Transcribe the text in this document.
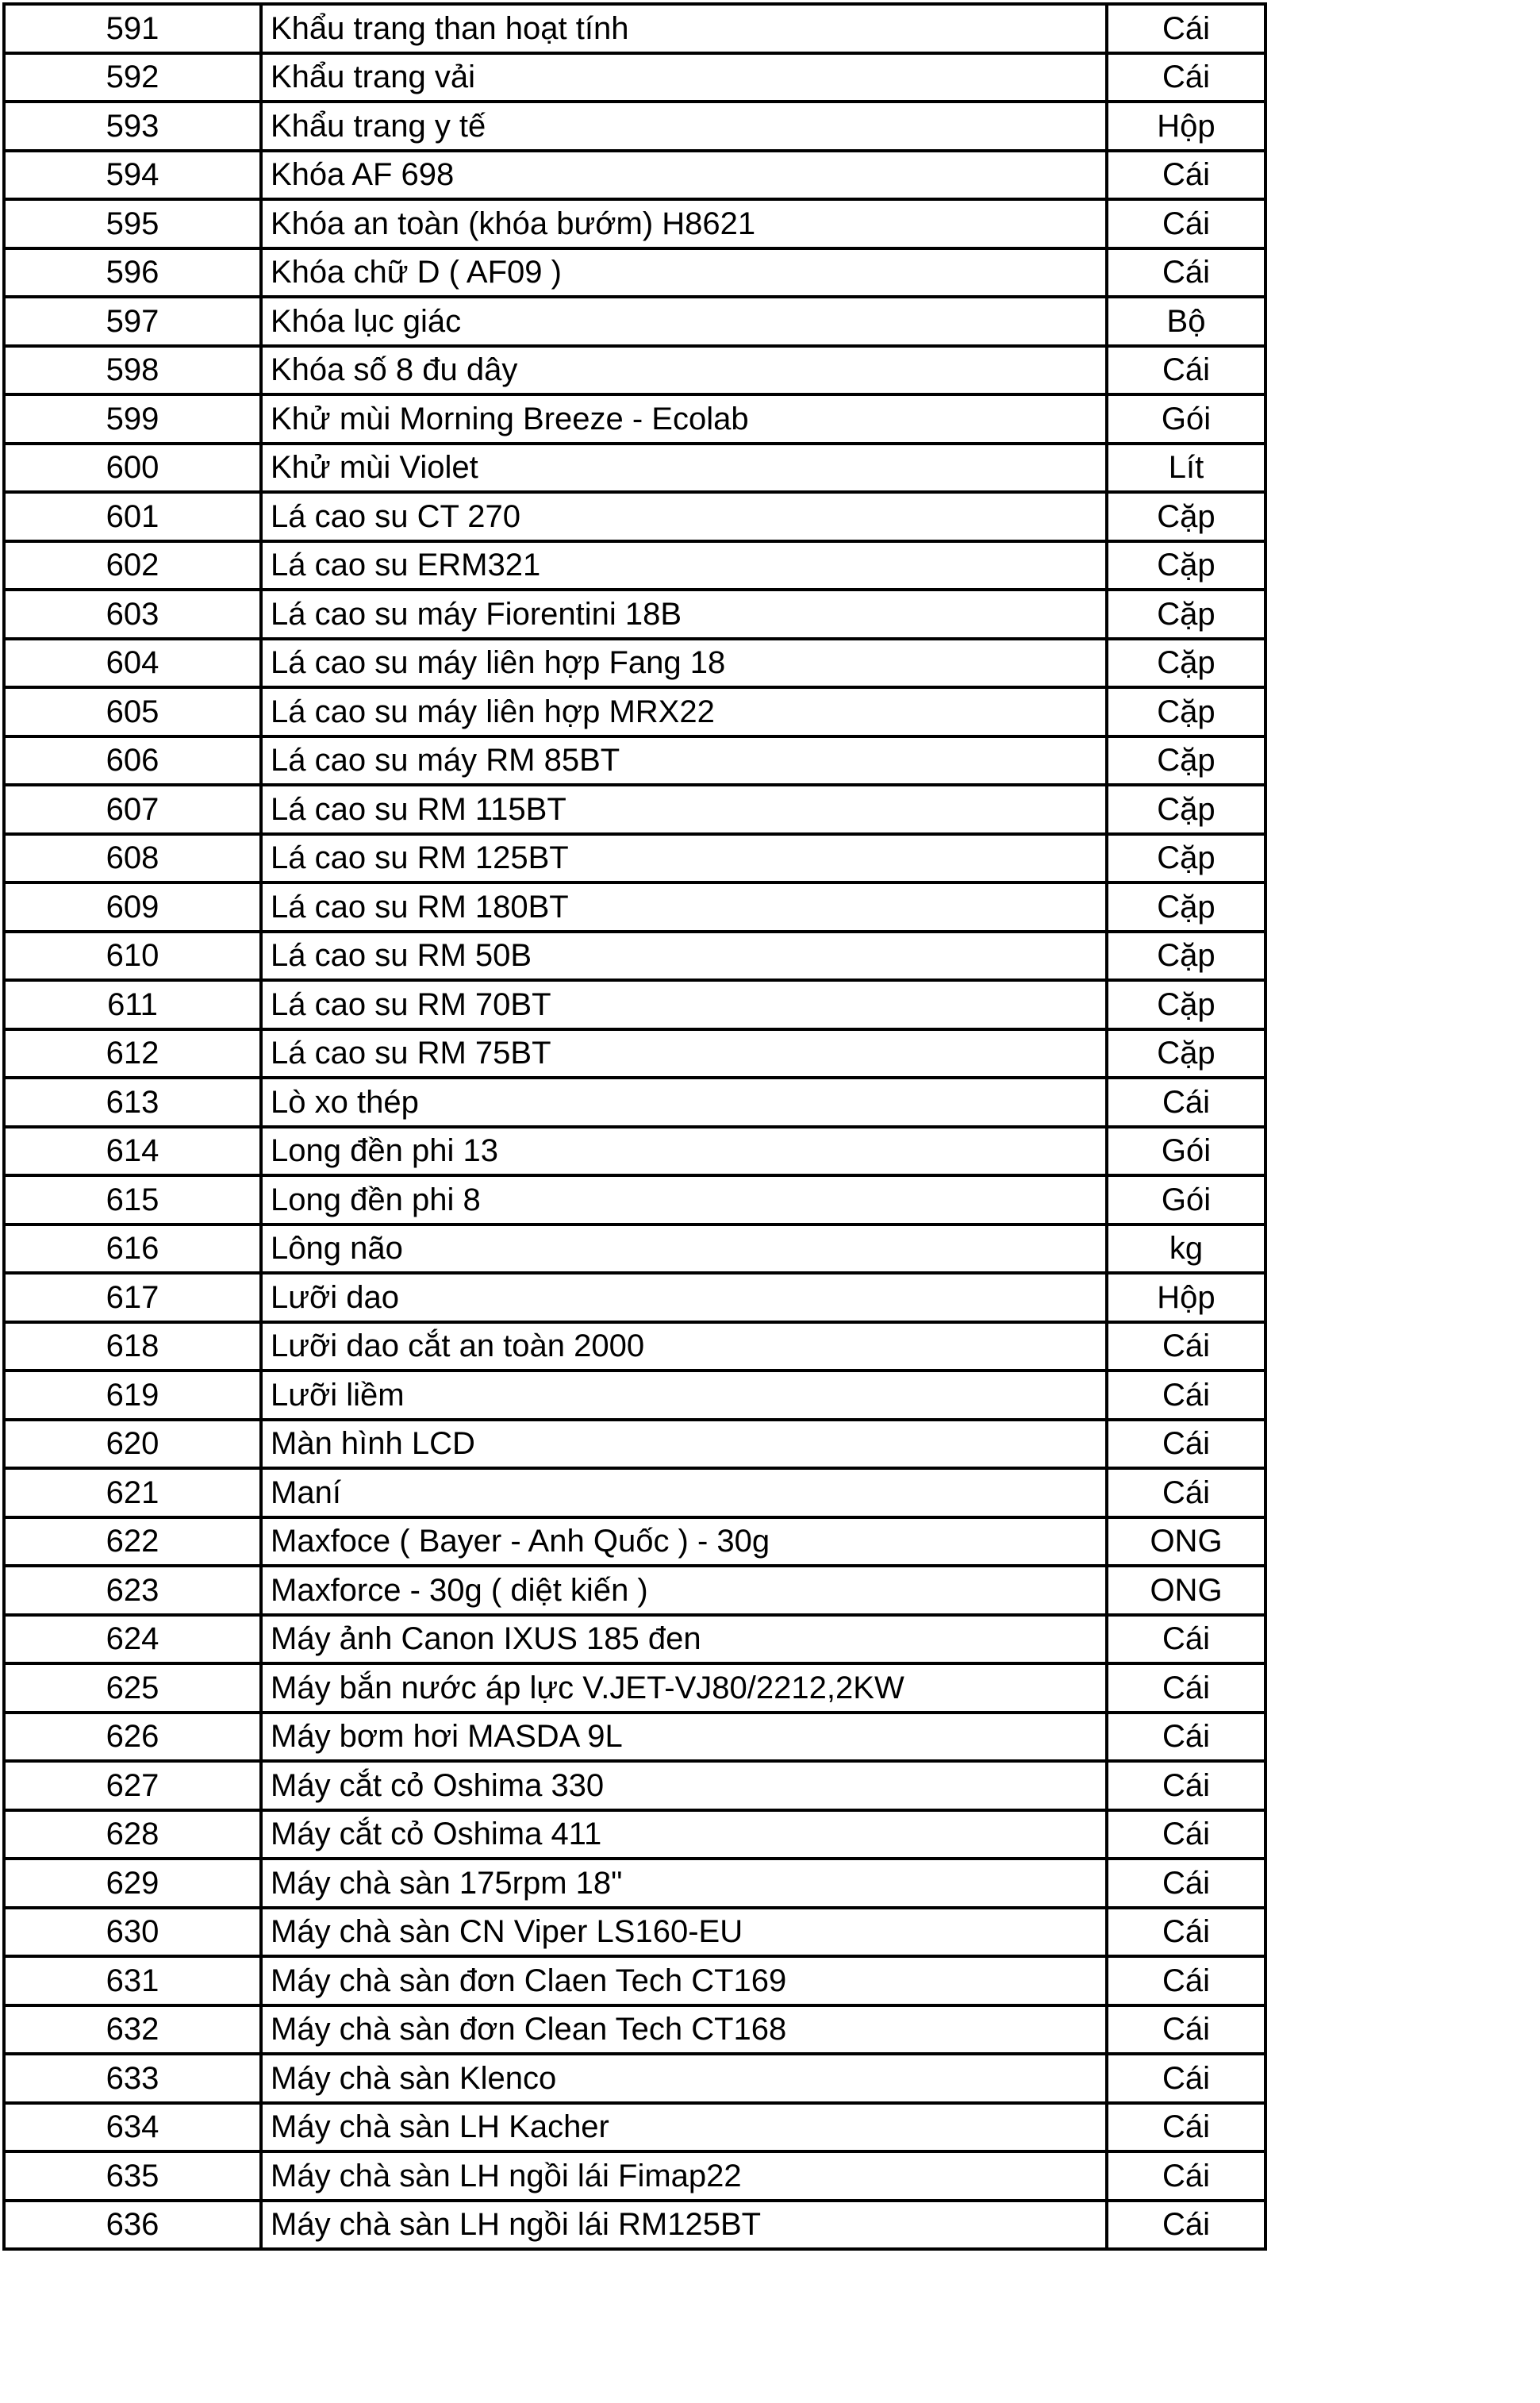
591	Khẩu trang than hoạt tính	Cái
592	Khẩu trang vải	Cái
593	Khẩu trang y tế	Hộp
594	Khóa AF 698	Cái
595	Khóa an toàn (khóa bướm) H8621	Cái
596	Khóa chữ D ( AF09 )	Cái
597	Khóa lục giác	Bộ
598	Khóa số 8 đu dây	Cái
599	Khử mùi Morning Breeze - Ecolab	Gói
600	Khử mùi Violet	Lít
601	Lá cao su CT 270	Cặp
602	Lá cao su ERM321	Cặp
603	Lá cao su máy Fiorentini 18B	Cặp
604	Lá cao su máy liên hợp Fang 18	Cặp
605	Lá cao su máy liên hợp MRX22	Cặp
606	Lá cao su máy RM 85BT	Cặp
607	Lá cao su RM 115BT	Cặp
608	Lá cao su RM 125BT	Cặp
609	Lá cao su RM 180BT	Cặp
610	Lá cao su RM 50B	Cặp
611	Lá cao su RM 70BT	Cặp
612	Lá cao su RM 75BT	Cặp
613	Lò xo thép	Cái
614	Long đền phi 13	Gói
615	Long đền phi 8	Gói
616	Lông não	kg
617	Lưỡi dao	Hộp
618	Lưỡi dao cắt an toàn 2000	Cái
619	Lưỡi liềm	Cái
620	Màn hình LCD	Cái
621	Maní	Cái
622	Maxfoce ( Bayer - Anh Quốc ) - 30g	ONG
623	Maxforce - 30g ( diệt kiến )	ONG
624	Máy ảnh Canon IXUS 185 đen	Cái
625	Máy bắn nước áp lực V.JET-VJ80/2212,2KW	Cái
626	Máy bơm hơi MASDA 9L	Cái
627	Máy cắt cỏ Oshima 330	Cái
628	Máy cắt cỏ Oshima 411	Cái
629	Máy chà sàn 175rpm 18"	Cái
630	Máy chà sàn CN Viper LS160-EU	Cái
631	Máy chà sàn đơn Claen Tech CT169	Cái
632	Máy chà sàn đơn Clean Tech CT168	Cái
633	Máy chà sàn Klenco	Cái
634	Máy chà sàn LH Kacher	Cái
635	Máy chà sàn LH ngồi lái Fimap22	Cái
636	Máy chà sàn LH ngồi lái RM125BT	Cái
